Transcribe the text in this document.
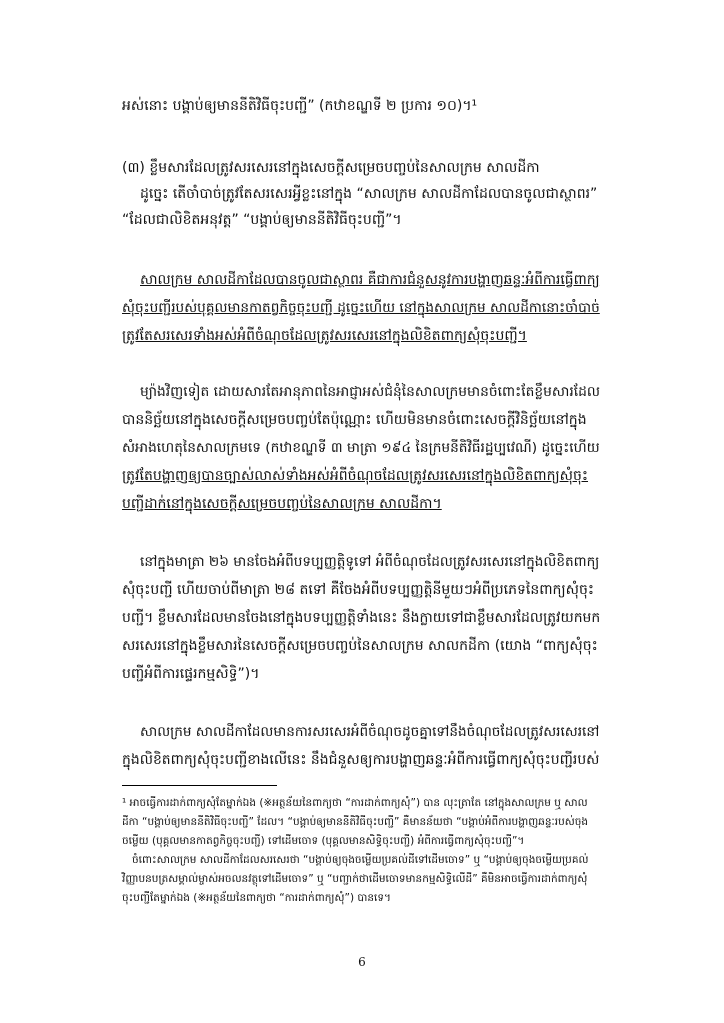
អស់នោះ បង្គាប់ឲ្យមាននីតិវិធីចុះបញ្ជី” (កឋាខណ្ឌទី ២ ប្រការ ១០)។¹
(៣) ខ្លឹមសារដែលត្រូវសរសេរនៅក្នុងសេចក្តីសម្រេចបញ្ចប់នៃសាលក្រម សាលដីកា
ដូច្នេះ តើចាំបាច់ត្រូវតែសរសេរអ្វីខ្លះនៅក្នុង “សាលក្រម សាលដីកាដែលបានចូលជាស្ថាពរ”
“ដែលជាលិខិតអនុវត្ត” “បង្គាប់ឲ្យមាននីតិវិធីចុះបញ្ជី”។
សាលក្រម សាលដីកាដែលបានចូលជាស្ថាពរ គឺជាការជំនួសនូវការបង្ហាញឆន្ទៈអំពីការធ្វើពាក្យ
សុំចុះបញ្ជីរបស់បុគ្គលមានកាតព្វកិច្ចចុះបញ្ជី ដូច្នេះហើយ នៅក្នុងសាលក្រម សាលដីកានោះចាំបាច់
ត្រូវតែសរសេរទាំងអស់អំពីចំណុចដែលត្រូវសរសេរនៅក្នុងលិខិតពាក្យសុំចុះបញ្ជី។
ម្យ៉ាងវិញទៀត ដោយសារតែអានុភាពនៃអាជ្ញាអស់ជំនុំនៃសាលក្រមមានចំពោះតែខ្លឹមសារដែល
បាននិច្ឆ័យនៅក្នុងសេចក្តីសម្រេចបញ្ចប់តែប៉ុណ្ណោះ ហើយមិនមានចំពោះសេចក្តីវិនិច្ឆ័យនៅក្នុង
សំអាងហេតុនៃសាលក្រមទេ (កឋាខណ្ឌទី ៣ មាត្រា ១៩៤ នៃក្រមនីតិវិធីរដ្ឋប្បវេណី) ដូច្នេះហើយ
ត្រូវតែបង្ហាញឲ្យបានច្បាស់លាស់ទាំងអស់អំពីចំណុចដែលត្រូវសរសេរនៅក្នុងលិខិតពាក្យសុំចុះ
បញ្ជីដាក់នៅក្នុងសេចក្តីសម្រេចបញ្ចប់នៃសាលក្រម សាលដីកា។
នៅក្នុងមាត្រា ២៦ មានចែងអំពីបទប្បញ្ញត្តិទូទៅ អំពីចំណុចដែលត្រូវសរសេរនៅក្នុងលិខិតពាក្យ
សុំចុះបញ្ជី ហើយចាប់ពីមាត្រា ២៨ តទៅ គឺចែងអំពីបទប្បញ្ញត្តិនីមួយៗអំពីប្រភេទនៃពាក្យសុំចុះ
បញ្ជី។ ខ្លឹមសារដែលមានចែងនៅក្នុងបទប្បញ្ញត្តិទាំងនេះ នឹងក្លាយទៅជាខ្លឹមសារដែលត្រូវយកមក
សរសេរនៅក្នុងខ្លឹមសារនៃសេចក្តីសម្រេចបញ្ចប់នៃសាលក្រម សាលកដីកា (យោង “ពាក្យសុំចុះ
បញ្ជីអំពីការផ្ទេរកម្មសិទ្ធិ”)។
សាលក្រម សាលដីកាដែលមានការសរសេរអំពីចំណុចដូចគ្នាទៅនឹងចំណុចដែលត្រូវសរសេរនៅ
ក្នុងលិខិតពាក្យសុំចុះបញ្ជីខាងលើនេះ នឹងជំនួសឲ្យការបង្ហាញឆន្ទៈអំពីការធ្វើពាក្យសុំចុះបញ្ជីរបស់
¹ អាចធ្វើការដាក់ពាក្យសុំតែម្នាក់ឯង (※អត្ថន័យនៃពាក្យថា “ការដាក់ពាក្យសុំ”) បាន លុះត្រាតែ នៅក្នុងសាលក្រម ឬ សាល
ដីកា “បង្គាប់ឲ្យមាននីតិវិធីចុះបញ្ជី” ដែល។ “បង្គាប់ឲ្យមាននីតិវិធីចុះបញ្ជី” គឺមានន័យថា “បង្គាប់អំពីការបង្ហាញឆន្ទៈរបស់ចុង
ចម្លើយ (បុគ្គលមានកាតព្វកិច្ចចុះបញ្ជី) ទៅដើមចោទ (បុគ្គលមានសិទ្ធិចុះបញ្ជី) អំពីការធ្វើពាក្យសុំចុះបញ្ជី”។
ចំពោះសាលក្រម សាលដីកាដែលសរសេរថា “បង្គាប់ឲ្យចុងចម្លើយប្រគល់ដីទៅដើមចោទ” ឬ “បង្គាប់ឲ្យចុងចម្លើយប្រគល់
វិញ្ញាបនបត្រសម្គាល់ម្ចាស់អចលនវត្ថុទៅដើមចោទ” ឬ “បញ្ជាក់ថាដើមចោទមានកម្មសិទ្ធិលើដី” គឺមិនអាចធ្វើការដាក់ពាក្យសុំ
ចុះបញ្ជីតែម្នាក់ឯង (※អត្ថន័យនៃពាក្យថា “ការដាក់ពាក្យសុំ”) បានទេ។
6
